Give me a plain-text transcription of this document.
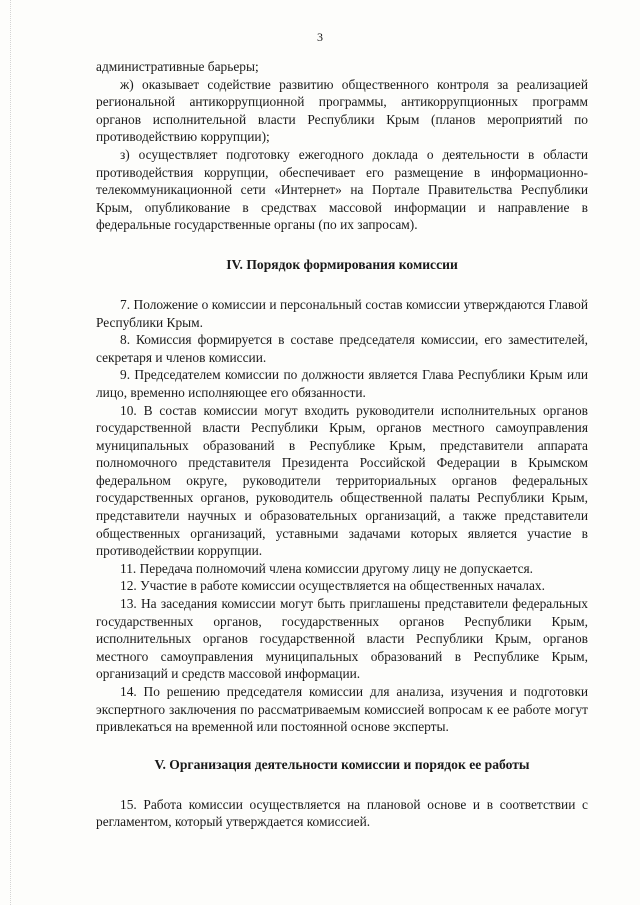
3

административные барьеры;

ж) оказывает содействие развитию общественного контроля за реализацией региональной антикоррупционной программы, антикоррупционных программ органов исполнительной власти Республики Крым (планов мероприятий по противодействию коррупции);

з) осуществляет подготовку ежегодного доклада о деятельности в области противодействия коррупции, обеспечивает его размещение в информационно-телекоммуникационной сети «Интернет» на Портале Правительства Республики Крым, опубликование в средствах массовой информации и направление в федеральные государственные органы (по их запросам).

IV. Порядок формирования комиссии

7. Положение о комиссии и персональный состав комиссии утверждаются Главой Республики Крым.

8. Комиссия формируется в составе председателя комиссии, его заместителей, секретаря и членов комиссии.

9. Председателем комиссии по должности является Глава Республики Крым или лицо, временно исполняющее его обязанности.

10. В состав комиссии могут входить руководители исполнительных органов государственной власти Республики Крым, органов местного самоуправления муниципальных образований в Республике Крым, представители аппарата полномочного представителя Президента Российской Федерации в Крымском федеральном округе, руководители территориальных органов федеральных государственных органов, руководитель общественной палаты Республики Крым, представители научных и образовательных организаций, а также представители общественных организаций, уставными задачами которых является участие в противодействии коррупции.

11. Передача полномочий члена комиссии другому лицу не допускается.

12. Участие в работе комиссии осуществляется на общественных началах.

13. На заседания комиссии могут быть приглашены представители федеральных государственных органов, государственных органов Республики Крым, исполнительных органов государственной власти Республики Крым, органов местного самоуправления муниципальных образований в Республике Крым, организаций и средств массовой информации.

14. По решению председателя комиссии для анализа, изучения и подготовки экспертного заключения по рассматриваемым комиссией вопросам к ее работе могут привлекаться на временной или постоянной основе эксперты.

V. Организация деятельности комиссии и порядок ее работы

15. Работа комиссии осуществляется на плановой основе и в соответствии с регламентом, который утверждается комиссией.
